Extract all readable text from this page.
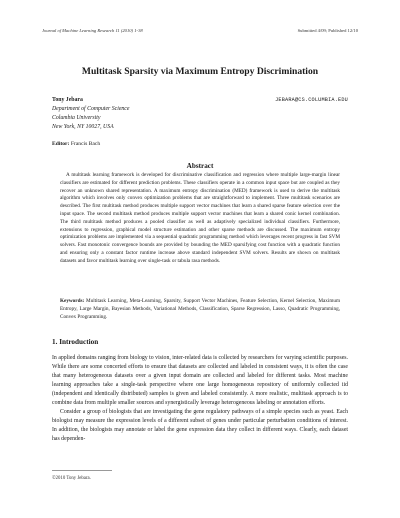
Journal of Machine Learning Research 11 (2010) 1-38	Submitted 4/09; Published 12/10
Multitask Sparsity via Maximum Entropy Discrimination
Tony Jebara	JEBARA@CS.COLUMBIA.EDU
Department of Computer Science
Columbia University
New York, NY 10027, USA
Editor: Francis Bach
Abstract
A multitask learning framework is developed for discriminative classification and regression where multiple large-margin linear classifiers are estimated for different prediction problems. These classifiers operate in a common input space but are coupled as they recover an unknown shared representation. A maximum entropy discrimination (MED) framework is used to derive the multitask algorithm which involves only convex optimization problems that are straightforward to implement. Three multitask scenarios are described. The first multitask method produces multiple support vector machines that learn a shared sparse feature selection over the input space. The second multitask method produces multiple support vector machines that learn a shared conic kernel combination. The third multitask method produces a pooled classifier as well as adaptively specialized individual classifiers. Furthermore, extensions to regression, graphical model structure estimation and other sparse methods are discussed. The maximum entropy optimization problems are implemented via a sequential quadratic programming method which leverages recent progress in fast SVM solvers. Fast monotonic convergence bounds are provided by bounding the MED sparsifying cost function with a quadratic function and ensuring only a constant factor runtime increase above standard independent SVM solvers. Results are shown on multitask datasets and favor multitask learning over single-task or tabula rasa methods.
Keywords: Multitask Learning, Meta-Learning, Sparsity, Support Vector Machines, Feature Selection, Kernel Selection, Maximum Entropy, Large Margin, Bayesian Methods, Variational Methods, Classification, Sparse Regression, Lasso, Quadratic Programming, Convex Programming.
1. Introduction

In applied domains ranging from biology to vision, inter-related data is collected by researchers for varying scientific purposes. While there are some concerted efforts to ensure that datasets are collected and labeled in consistent ways, it is often the case that many heterogeneous datasets over a given input domain are collected and labeled for different tasks. Most machine learning approaches take a single-task perspective where one large homogeneous repository of uniformly collected iid (independent and identically distributed) samples is given and labeled consistently. A more realistic, multitask approach is to combine data from multiple smaller sources and synergistically leverage heterogeneous labeling or annotation efforts.

Consider a group of biologists that are investigating the gene regulatory pathways of a simple species such as yeast. Each biologist may measure the expression levels of a different subset of genes under particular perturbation conditions of interest. In addition, the biologists may annotate or label the gene expression data they collect in different ways. Clearly, each dataset has dependen-

©2010 Tony Jebara.
